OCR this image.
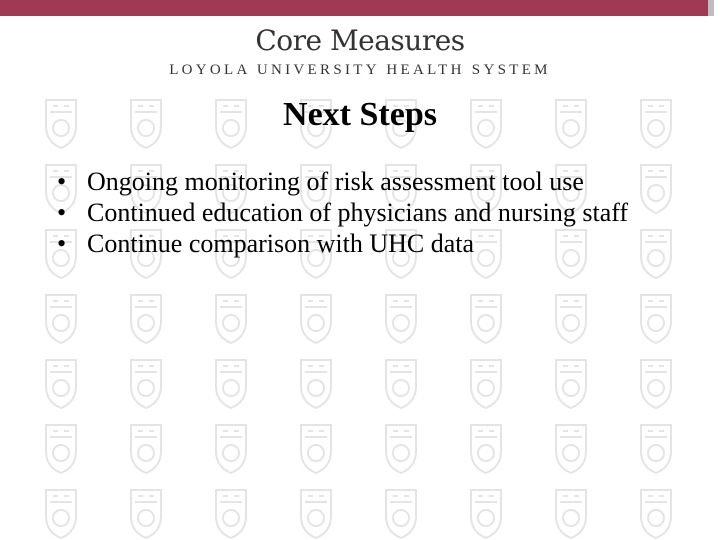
Core Measures
LOYOLA UNIVERSITY HEALTH SYSTEM
Next Steps
• Ongoing monitoring of risk assessment tool use
• Continued education of physicians and nursing staff
• Continue comparison with UHC data
